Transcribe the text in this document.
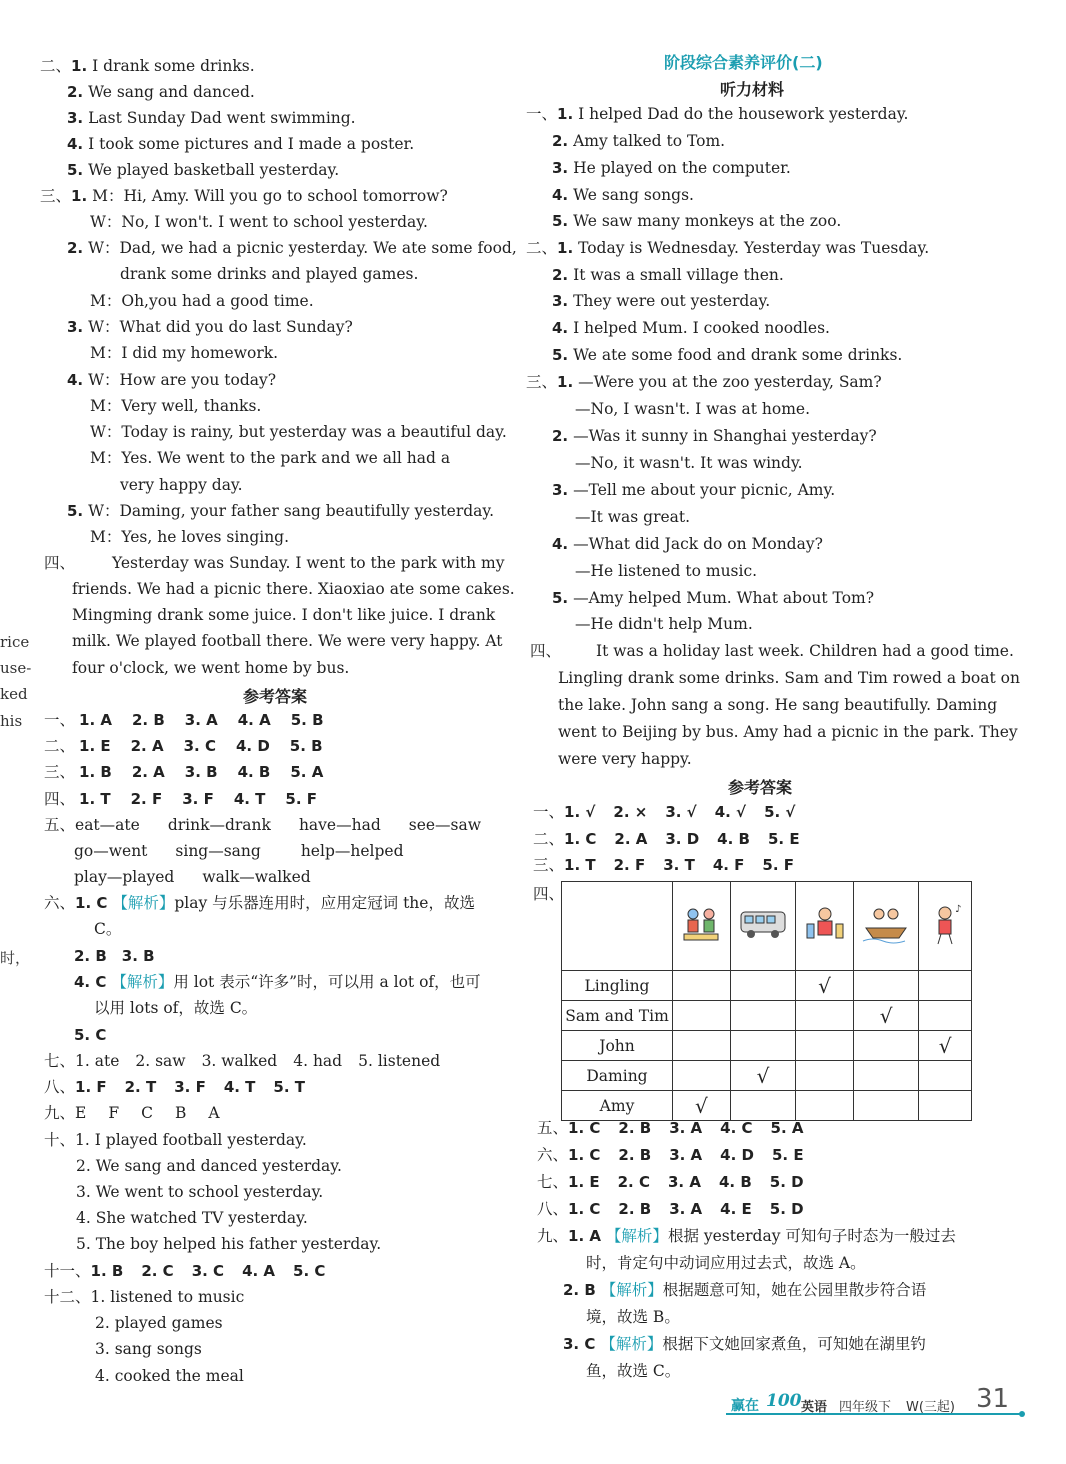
二、1. I drank some drinks.
2. We sang and danced.
3. Last Sunday Dad went swimming.
4. I took some pictures and I made a poster.
5. We played basketball yesterday.
三、1. M：Hi, Amy. Will you go to school tomorrow?
W：No, I won't. I went to school yesterday.
2. W：Dad, we had a picnic yesterday. We ate some food,
drank some drinks and played games.
M：Oh,you had a good time.
3. W：What did you do last Sunday?
M：I did my homework.
4. W：How are you today?
M：Very well, thanks.
W：Today is rainy, but yesterday was a beautiful day.
M：Yes. We went to the park and we all had a
very happy day.
5. W：Daming, your father sang beautifully yesterday.
M：Yes, he loves singing.
四、 Yesterday was Sunday. I went to the park with my
friends. We had a picnic there. Xiaoxiao ate some cakes.
Mingming drank some juice. I don't like juice. I drank
milk. We played football there. We were very happy. At
four o'clock, we went home by bus.
参考答案
一、 1. A 2. B 3. A 4. A 5. B
二、 1. E 2. A 3. C 4. D 5. B
三、 1. B 2. A 3. B 4. B 5. A
四、 1. T 2. F 3. F 4. T 5. F
五、eat—ate drink—drank have—had see—saw
go—went sing—sang	help—helped
play—played walk—walked
六、1. C 【解析】play 与乐器连用时，应用定冠词 the，故选
C。
2. B　3. B
4. C 【解析】用 lot 表示“许多”时，可以用 a lot of，也可
以用 lots of，故选 C。
5. C
七、1. ate 2. saw 3. walked 4. had 5. listened
八、1. F 2. T 3. F 4. T 5. T
九、E F C B A
十、1. I played football yesterday.
2. We sang and danced yesterday.
3. We went to school yesterday.
4. She watched TV yesterday.
5. The boy helped his father yesterday.
十一、1. B 2. C 3. C 4. A 5. C
十二、1. listened to music
2. played games
3. sang songs
4. cooked the meal
rice
use-
ked
his
时，
阶段综合素养评价(二)
听力材料
一、1. I helped Dad do the housework yesterday.
2. Amy talked to Tom.
3. He played on the computer.
4. We sang songs.
5. We saw many monkeys at the zoo.
二、1. Today is Wednesday. Yesterday was Tuesday.
2. It was a small village then.
3. They were out yesterday.
4. I helped Mum. I cooked noodles.
5. We ate some food and drank some drinks.
三、1. —Were you at the zoo yesterday, Sam?
—No, I wasn't. I was at home.
2. —Was it sunny in Shanghai yesterday?
—No, it wasn't. It was windy.
3. —Tell me about your picnic, Amy.
—It was great.
4. —What did Jack do on Monday?
—He listened to music.
5. —Amy helped Mum. What about Tom?
—He didn't help Mum.
四、 It was a holiday last week. Children had a good time.
Lingling drank some drinks. Sam and Tim rowed a boat on
the lake. John sang a song. He sang beautifully. Daming
went to Beijing by bus. Amy had a picnic in the park. They
were very happy.
参考答案
一、1. √ 2. × 3. √ 4. √ 5. √
二、1. C 2. A 3. D 4. B 5. E
三、1. T 2. F 3. T 4. F 5. F
四、

♪

Lingling			√		
Sam and Tim				√	
John					√
Daming		√			
Amy	√				
五、1. C 2. B 3. A 4. C 5. A
六、1. C 2. B 3. A 4. D 5. E
七、1. E 2. C 3. A 4. B 5. D
八、1. C 2. B 3. A 4. E 5. D
九、1. A 【解析】根据 yesterday 可知句子时态为一般过去
时，肯定句中动词应用过去式，故选 A。
2. B 【解析】根据题意可知，她在公园里散步符合语
境，故选 B。
3. C 【解析】根据下文她回家煮鱼，可知她在湖里钓
鱼，故选 C。
赢在 100 英语 四年级下 W(三起) 31
